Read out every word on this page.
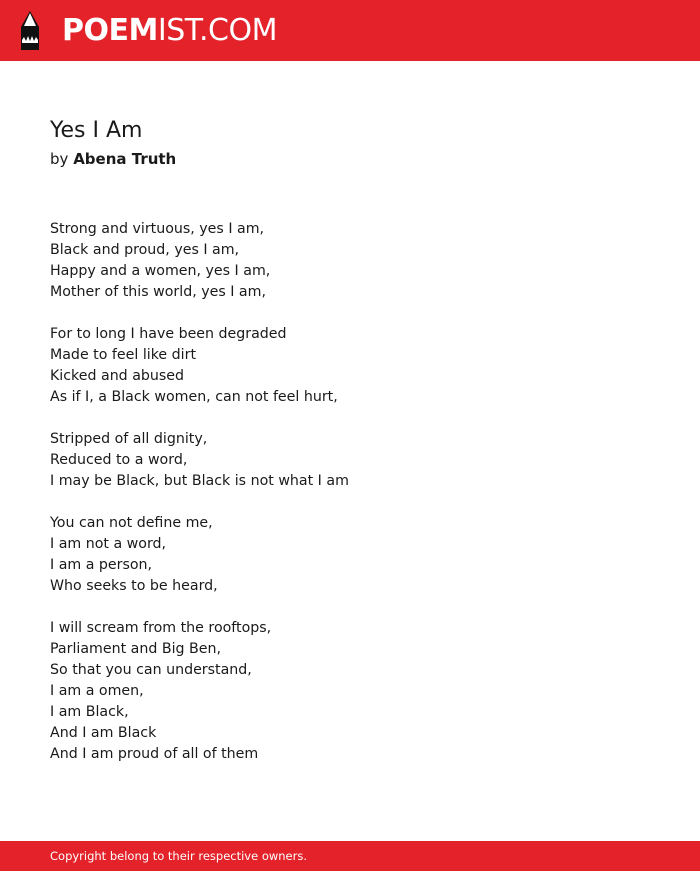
POEMIST.COM
Yes I Am
by Abena Truth
Strong and virtuous, yes I am,
Black and proud, yes I am,
Happy and a women, yes I am,
Mother of this world, yes I am,
For to long I have been degraded
Made to feel like dirt
Kicked and abused
As if I, a Black women, can not feel hurt,
Stripped of all dignity,
Reduced to a word,
I may be Black, but Black is not what I am
You can not define me,
I am not a word,
I am a person,
Who seeks to be heard,
I will scream from the rooftops,
Parliament and Big Ben,
So that you can understand,
I am a omen,
I am Black,
And I am Black
And I am proud of all of them
Copyright belong to their respective owners.
